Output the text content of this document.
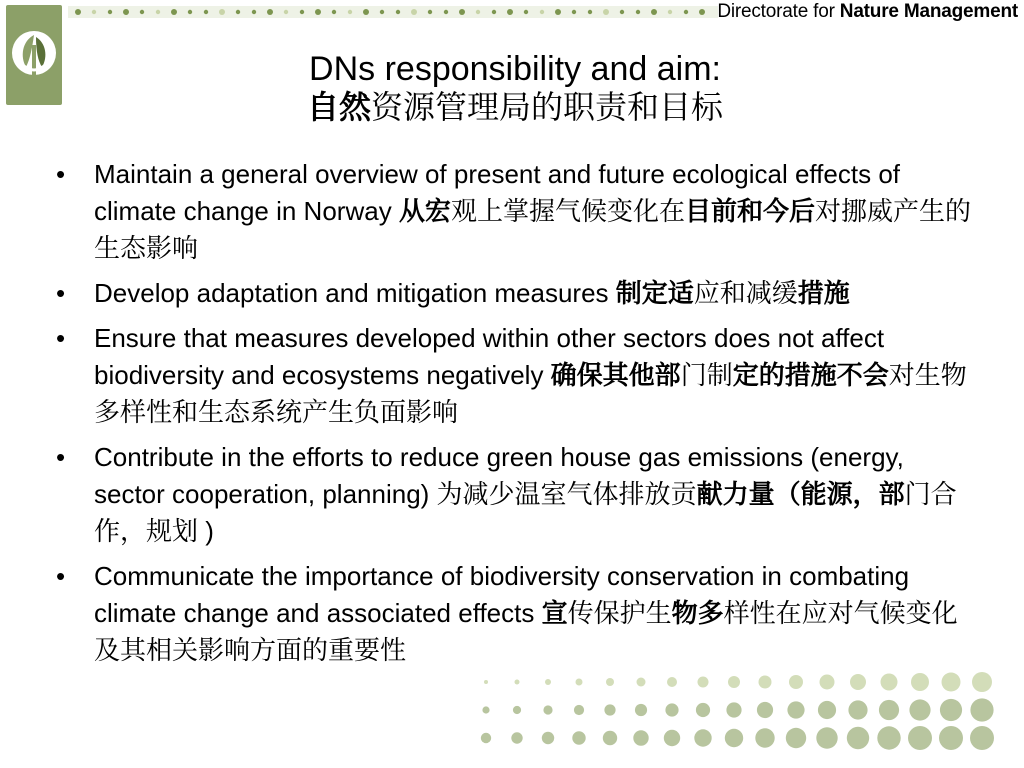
Directorate for Nature Management
DNs responsibility and aim:
自然资源管理局的职责和目标
• Maintain a general overview of present and future ecological effects of climate change in Norway 从宏观上掌握气候变化在目前和今后对挪威产生的生态影响
• Develop adaptation and mitigation measures 制定适应和减缓措施
• Ensure that measures developed within other sectors does not affect biodiversity and ecosystems negatively 确保其他部门制定的措施不会对生物多样性和生态系统产生负面影响
• Contribute in the efforts to reduce green house gas emissions (energy, sector cooperation, planning) 为减少温室气体排放贡献力量（能源，部门合作，规划 )
• Communicate the importance of biodiversity conservation in combating climate change and associated effects 宣传保护生物多样性在应对气候变化及其相关影响方面的重要性
